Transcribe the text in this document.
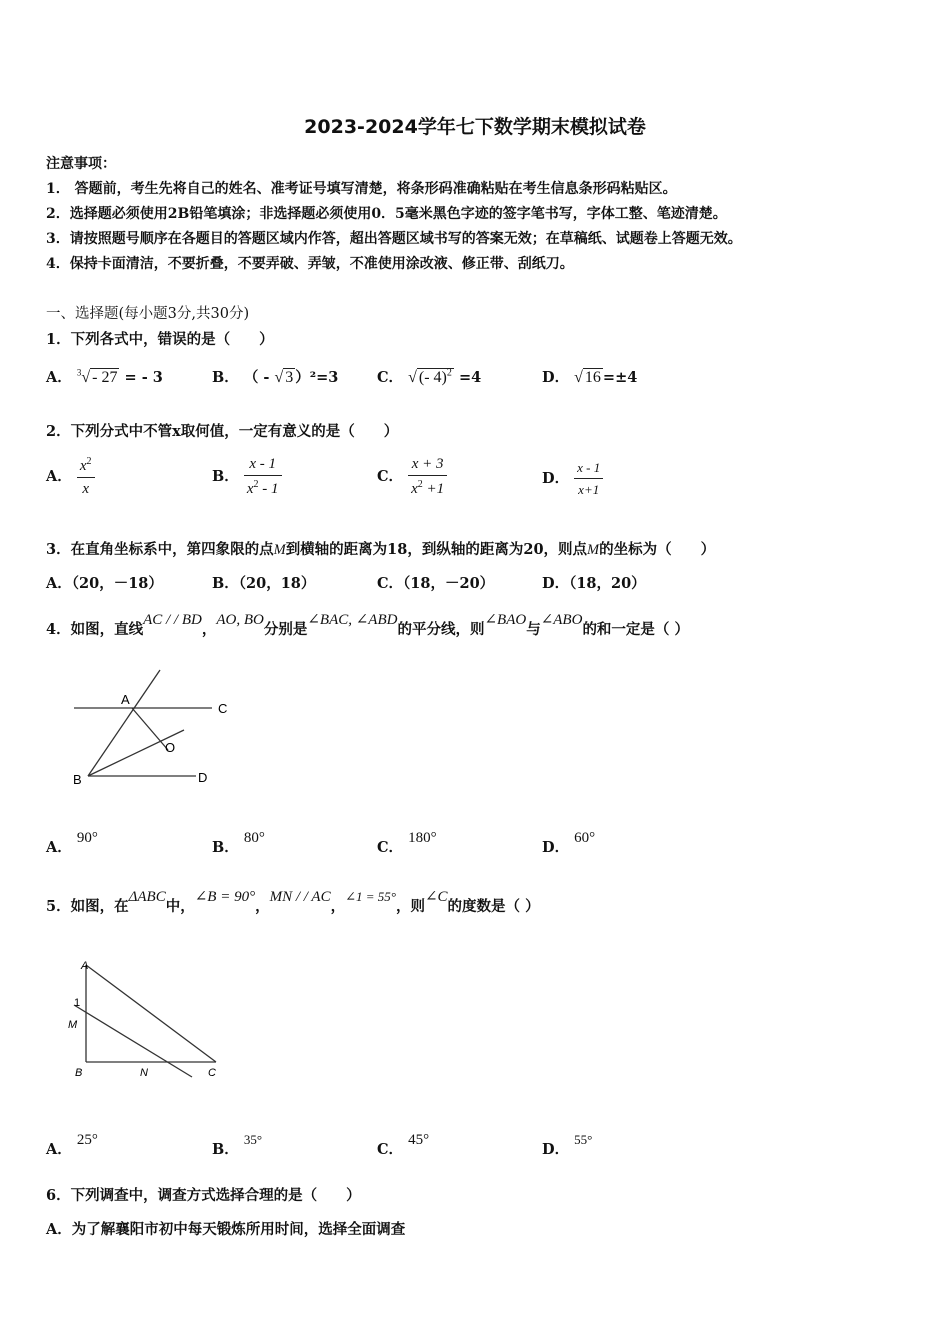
2023-2024学年七下数学期末模拟试卷
注意事项：
1． 答题前，考生先将自己的姓名、准考证号填写清楚，将条形码准确粘贴在考生信息条形码粘贴区。
2．选择题必须使用2B铅笔填涂；非选择题必须使用0．5毫米黑色字迹的签字笔书写，字体工整、笔迹清楚。
3．请按照题号顺序在各题目的答题区域内作答，超出答题区域书写的答案无效；在草稿纸、试题卷上答题无效。
4．保持卡面清洁，不要折叠，不要弄破、弄皱，不准使用涂改液、修正带、刮纸刀。
一、选择题(每小题3分,共30分)
1．下列各式中，错误的是（　　）
A． $^3$√ - 27 = - 3	B． （ - √ 3 ）²=3	C． √ (- 4)$^2$ =4	D． √ 16 =±4
2．下列分式中不管x取何值，一定有意义的是（　　）
A． $\frac{x^2}{x}$	B． $\frac{x - 1}{x^2 - 1}$	C． $\frac{x + 3}{x^2 +1}$	D． $\frac{x - 1}{x+1}$
3．在直角坐标系中，第四象限的点M到横轴的距离为18，到纵轴的距离为20，则点M的坐标为（　　）
A．（20，－18）	B．（20，18）	C．（18，－20）	D．（18，20）
4．如图，直线AC / / BD，AO, BO分别是∠BAC, ∠ABD的平分线，则∠BAO与∠ABO的和一定是（ ）
A
C
O
B	D
A． 90°
B． 80°
C． 180°
D． 60°
5．如图，在ΔABC中，∠B = 90°，MN / / AC，∠1 = 55°，则∠C的度数是（ ）
A
1
M
B	N	C
A． 25°
B． 35°
C． 45°
D． 55°
6．下列调查中，调查方式选择合理的是（　　）
A．为了解襄阳市初中每天锻炼所用时间，选择全面调查
